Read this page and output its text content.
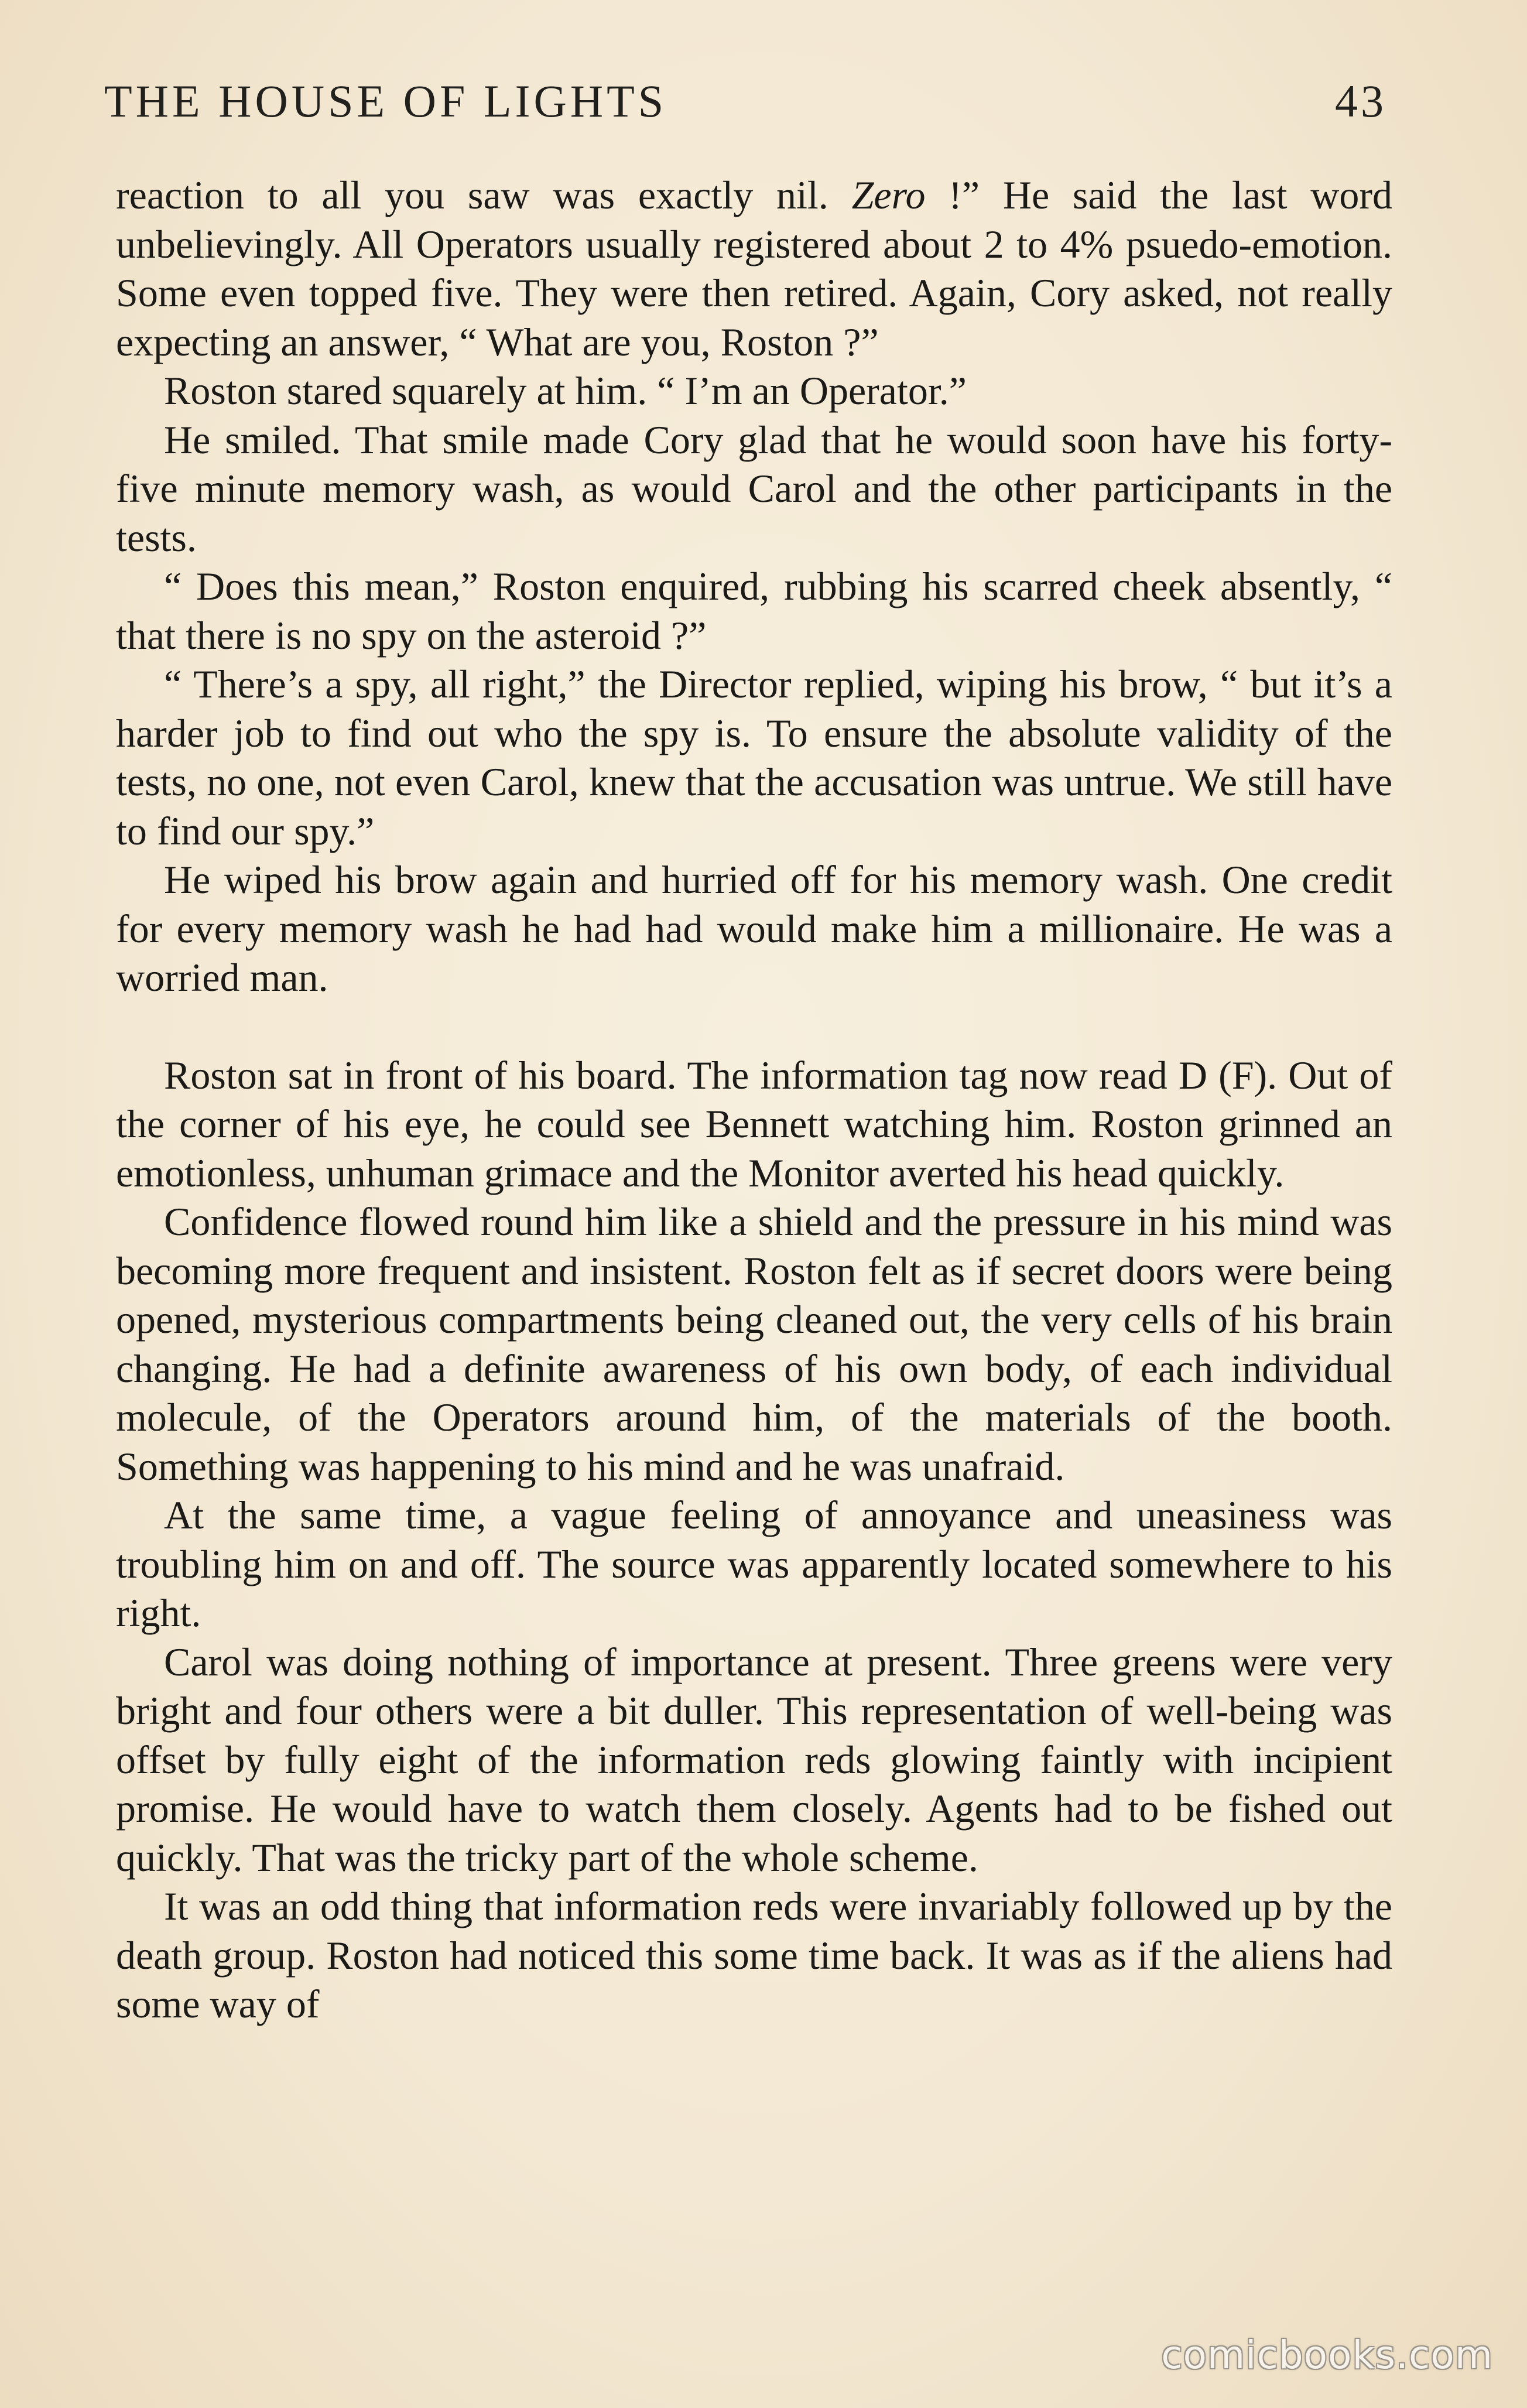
THE HOUSE OF LIGHTS	43

reaction to all you saw was exactly nil. Zero !” He said the last word unbelievingly. All Operators usually registered about 2 to 4% psuedo-emotion. Some even topped five. They were then retired. Again, Cory asked, not really expecting an answer, “ What are you, Roston ?”

Roston stared squarely at him. “ I’m an Operator.”

He smiled. That smile made Cory glad that he would soon have his forty-five minute memory wash, as would Carol and the other participants in the tests.

“ Does this mean,” Roston enquired, rubbing his scarred cheek absently, “ that there is no spy on the asteroid ?”

“ There’s a spy, all right,” the Director replied, wiping his brow, “ but it’s a harder job to find out who the spy is. To ensure the absolute validity of the tests, no one, not even Carol, knew that the accusation was untrue. We still have to find our spy.”

He wiped his brow again and hurried off for his memory wash. One credit for every memory wash he had had would make him a millionaire. He was a worried man.

Roston sat in front of his board. The information tag now read D (F). Out of the corner of his eye, he could see Bennett watching him. Roston grinned an emotionless, unhuman grimace and the Monitor averted his head quickly.

Confidence flowed round him like a shield and the pressure in his mind was becoming more frequent and insistent. Roston felt as if secret doors were being opened, mysterious compartments being cleaned out, the very cells of his brain changing. He had a definite awareness of his own body, of each individual molecule, of the Operators around him, of the materials of the booth. Something was happening to his mind and he was unafraid.

At the same time, a vague feeling of annoyance and uneasiness was troubling him on and off. The source was apparently located somewhere to his right.

Carol was doing nothing of importance at present. Three greens were very bright and four others were a bit duller. This representation of well-being was offset by fully eight of the information reds glowing faintly with incipient promise. He would have to watch them closely. Agents had to be fished out quickly. That was the tricky part of the whole scheme.

It was an odd thing that information reds were invariably followed up by the death group. Roston had noticed this some time back. It was as if the aliens had some way of

comicbooks.com
